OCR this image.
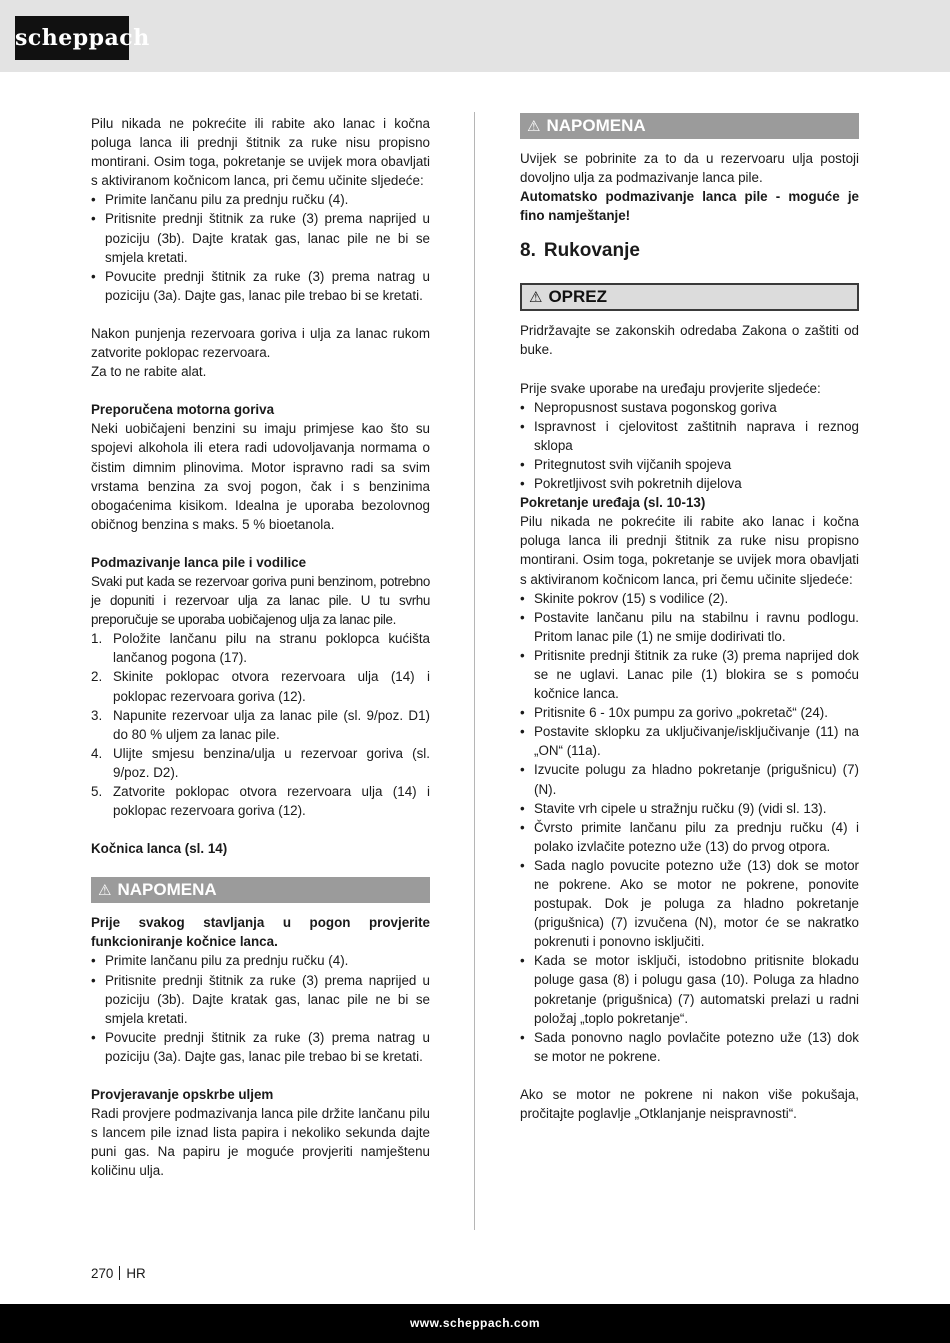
scheppach

Pilu nikada ne pokrećite ili rabite ako lanac i kočna poluga lanca ili prednji štitnik za ruke nisu propisno montirani. Osim toga, pokretanje se uvijek mora obavljati s aktiviranom kočnicom lanca, pri čemu učinite sljedeće:

• Primite lančanu pilu za prednju ručku (4).
• Pritisnite prednji štitnik za ruke (3) prema naprijed u poziciju (3b). Dajte kratak gas, lanac pile ne bi se smjela kretati.
• Povucite prednji štitnik za ruke (3) prema natrag u poziciju (3a). Dajte gas, lanac pile trebao bi se kretati.

Nakon punjenja rezervoara goriva i ulja za lanac rukom zatvorite poklopac rezervoara.

Za to ne rabite alat.

Preporučena motorna goriva

Neki uobičajeni benzini su imaju primjese kao što su spojevi alkohola ili etera radi udovoljavanja normama o čistim dimnim plinovima. Motor ispravno radi sa svim vrstama benzina za svoj pogon, čak i s benzinima obogaćenima kisikom. Idealna je uporaba bezolovnog običnog benzina s maks. 5 % bioetanola.

Podmazivanje lanca pile i vodilice

Svaki put kada se rezervoar goriva puni benzinom, potrebno je dopuniti i rezervoar ulja za lanac pile. U tu svrhu preporučuje se uporaba uobičajenog ulja za lanac pile.

1. Položite lančanu pilu na stranu poklopca kućišta lančanog pogona (17).
2. Skinite poklopac otvora rezervoara ulja (14) i poklopac rezervoara goriva (12).
3. Napunite rezervoar ulja za lanac pile (sl. 9/poz. D1) do 80 % uljem za lanac pile.
4. Ulijte smjesu benzina/ulja u rezervoar goriva (sl. 9/poz. D2).
5. Zatvorite poklopac otvora rezervoara ulja (14) i poklopac rezervoara goriva (12).

Kočnica lanca (sl. 14)

⚠ NAPOMENA

Prije svakog stavljanja u pogon provjerite funkcioniranje kočnice lanca.

• Primite lančanu pilu za prednju ručku (4).
• Pritisnite prednji štitnik za ruke (3) prema naprijed u poziciju (3b). Dajte kratak gas, lanac pile ne bi se smjela kretati.
• Povucite prednji štitnik za ruke (3) prema natrag u poziciju (3a). Dajte gas, lanac pile trebao bi se kretati.

Provjeravanje opskrbe uljem

Radi provjere podmazivanja lanca pile držite lančanu pilu s lancem pile iznad lista papira i nekoliko sekunda dajte puni gas. Na papiru je moguće provjeriti namještenu količinu ulja.

⚠ NAPOMENA

Uvijek se pobrinite za to da u rezervoaru ulja postoji dovoljno ulja za podmazivanje lanca pile.

Automatsko podmazivanje lanca pile - moguće je fino namještanje!

8. Rukovanje

⚠ OPREZ

Pridržavajte se zakonskih odredaba Zakona o zaštiti od buke.

Prije svake uporabe na uređaju provjerite sljedeće:

• Nepropusnost sustava pogonskog goriva
• Ispravnost i cjelovitost zaštitnih naprava i reznog sklopa
• Pritegnutost svih vijčanih spojeva
• Pokretljivost svih pokretnih dijelova

Pokretanje uređaja (sl. 10-13)

Pilu nikada ne pokrećite ili rabite ako lanac i kočna poluga lanca ili prednji štitnik za ruke nisu propisno montirani. Osim toga, pokretanje se uvijek mora obavljati s aktiviranom kočnicom lanca, pri čemu učinite sljedeće:

• Skinite pokrov (15) s vodilice (2).
• Postavite lančanu pilu na stabilnu i ravnu podlogu. Pritom lanac pile (1) ne smije dodirivati tlo.
• Pritisnite prednji štitnik za ruke (3) prema naprijed dok se ne uglavi. Lanac pile (1) blokira se s pomoću kočnice lanca.
• Pritisnite 6 - 10x pumpu za gorivo „pokretač“ (24).
• Postavite sklopku za uključivanje/isključivanje (11) na „ON“ (11a).
• Izvucite polugu za hladno pokretanje (prigušnicu) (7) (Ν).
• Stavite vrh cipele u stražnju ručku (9) (vidi sl. 13).
• Čvrsto primite lančanu pilu za prednju ručku (4) i polako izvlačite potezno uže (13) do prvog otpora.
• Sada naglo povucite potezno uže (13) dok se motor ne pokrene. Ako se motor ne pokrene, ponovite postupak. Dok je poluga za hladno pokretanje (prigušnica) (7) izvučena (Ν), motor će se nakratko pokrenuti i ponovno isključiti.
• Kada se motor isključi, istodobno pritisnite blokadu poluge gasa (8) i polugu gasa (10). Poluga za hladno pokretanje (prigušnica) (7) automatski prelazi u radni položaj „toplo pokretanje“.
• Sada ponovno naglo povlačite potezno uže (13) dok se motor ne pokrene.

Ako se motor ne pokrene ni nakon više pokušaja, pročitajte poglavlje „Otklanjanje neispravnosti“.

270 HR
www.scheppach.com
